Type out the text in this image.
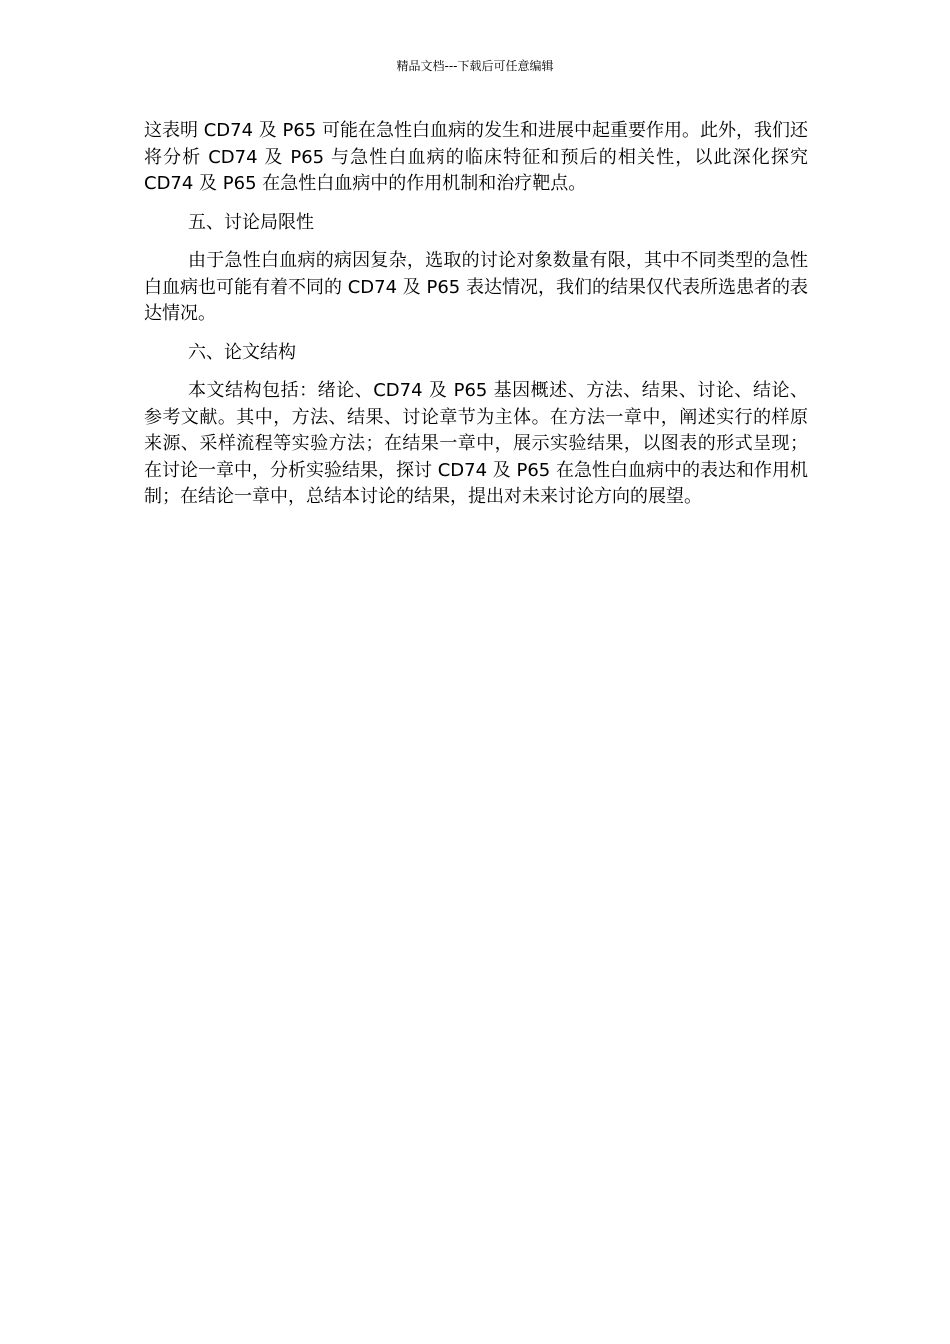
精品文档---下载后可任意编辑

这表明 CD74 及 P65 可能在急性白血病的发生和进展中起重要作用。此外，我们还将分析 CD74 及 P65 与急性白血病的临床特征和预后的相关性，以此深化探究 CD74 及 P65 在急性白血病中的作用机制和治疗靶点。

五、讨论局限性

由于急性白血病的病因复杂，选取的讨论对象数量有限，其中不同类型的急性白血病也可能有着不同的 CD74 及 P65 表达情况，我们的结果仅代表所选患者的表达情况。

六、论文结构

本文结构包括：绪论、CD74 及 P65 基因概述、方法、结果、讨论、结论、参考文献。其中，方法、结果、讨论章节为主体。在方法一章中，阐述实行的样原来源、采样流程等实验方法；在结果一章中，展示实验结果，以图表的形式呈现；在讨论一章中，分析实验结果，探讨 CD74 及 P65 在急性白血病中的表达和作用机制；在结论一章中，总结本讨论的结果，提出对未来讨论方向的展望。
